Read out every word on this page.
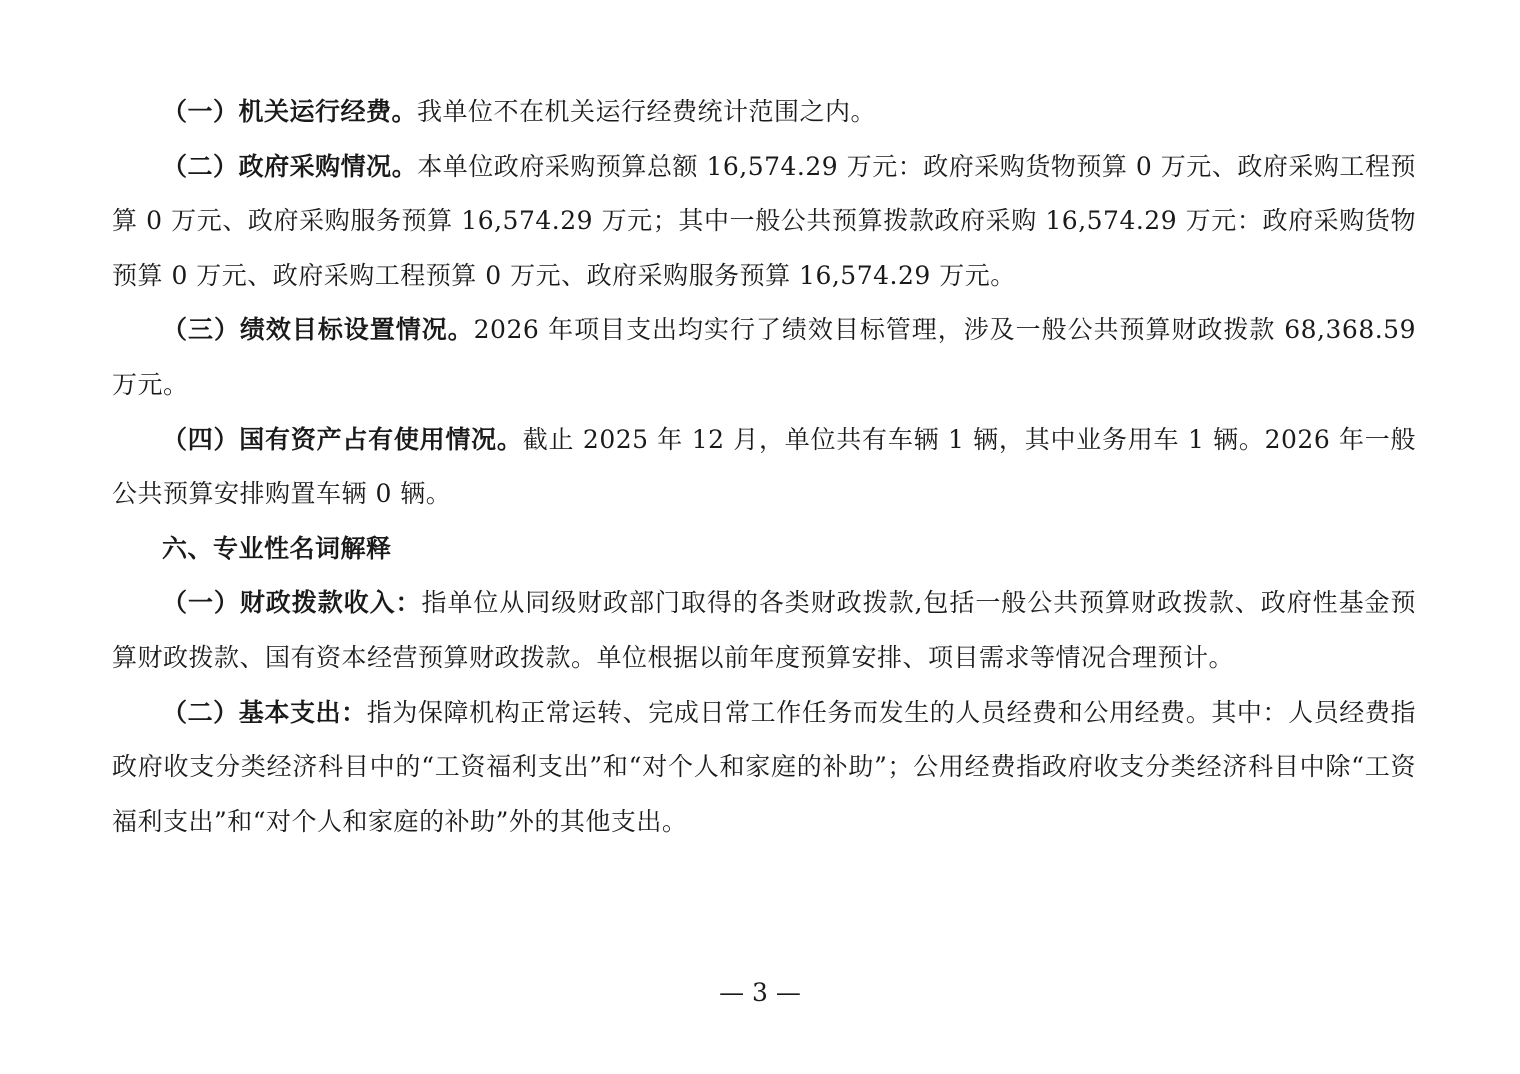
（一）机关运行经费。我单位不在机关运行经费统计范围之内。

（二）政府采购情况。本单位政府采购预算总额 16,574.29 万元：政府采购货物预算 0 万元、政府采购工程预算 0 万元、政府采购服务预算 16,574.29 万元；其中一般公共预算拨款政府采购 16,574.29 万元：政府采购货物预算 0 万元、政府采购工程预算 0 万元、政府采购服务预算 16,574.29 万元。

（三）绩效目标设置情况。2026 年项目支出均实行了绩效目标管理，涉及一般公共预算财政拨款 68,368.59 万元。

（四）国有资产占有使用情况。截止 2025 年 12 月，单位共有车辆 1 辆，其中业务用车 1 辆。2026 年一般公共预算安排购置车辆 0 辆。

六、专业性名词解释

（一）财政拨款收入：指单位从同级财政部门取得的各类财政拨款,包括一般公共预算财政拨款、政府性基金预算财政拨款、国有资本经营预算财政拨款。单位根据以前年度预算安排、项目需求等情况合理预计。

（二）基本支出：指为保障机构正常运转、完成日常工作任务而发生的人员经费和公用经费。其中：人员经费指政府收支分类经济科目中的“工资福利支出”和“对个人和家庭的补助”；公用经费指政府收支分类经济科目中除“工资福利支出”和“对个人和家庭的补助”外的其他支出。

— 3 —
